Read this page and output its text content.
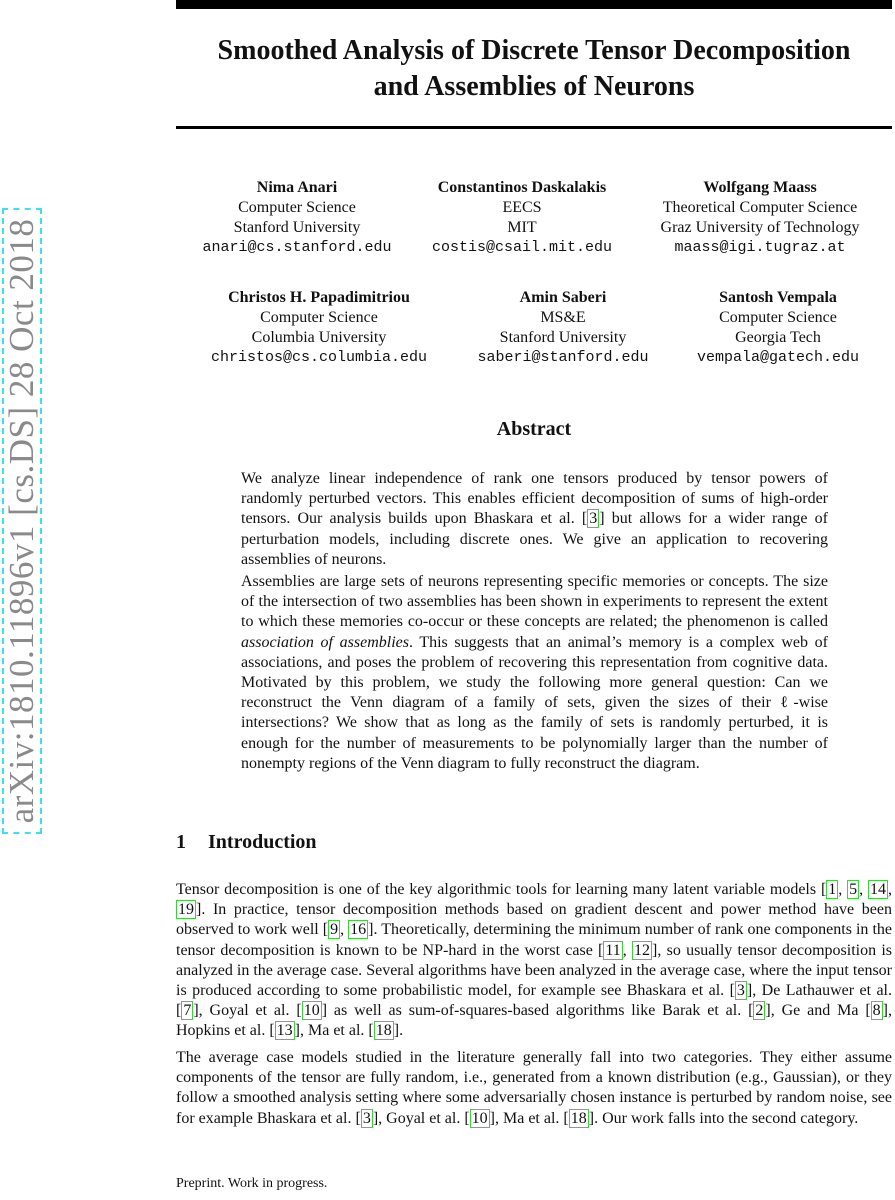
Smoothed Analysis of Discrete Tensor Decomposition
and Assemblies of Neurons
arXiv:1810.11896v1 [cs.DS] 28 Oct 2018
Nima Anari
Computer Science
Stanford University
anari@cs.stanford.edu
Constantinos Daskalakis
EECS
MIT
costis@csail.mit.edu
Wolfgang Maass
Theoretical Computer Science
Graz University of Technology
maass@igi.tugraz.at
Christos H. Papadimitriou
Computer Science
Columbia University
christos@cs.columbia.edu
Amin Saberi
MS&E
Stanford University
saberi@stanford.edu
Santosh Vempala
Computer Science
Georgia Tech
vempala@gatech.edu
Abstract

We analyze linear independence of rank one tensors produced by tensor powers of randomly perturbed vectors. This enables efficient decomposition of sums of high-order tensors. Our analysis builds upon Bhaskara et al. [ 3 ] but allows for a wider range of perturbation models, including discrete ones. We give an application to recovering assemblies of neurons.

Assemblies are large sets of neurons representing specific memories or concepts. The size of the intersection of two assemblies has been shown in experiments to represent the extent to which these memories co-occur or these concepts are related; the phenomenon is called association of assemblies. This suggests that an animal’s memory is a complex web of associations, and poses the problem of recovering this representation from cognitive data. Motivated by this problem, we study the following more general question: Can we reconstruct the Venn diagram of a family of sets, given the sizes of their ℓ-wise intersections? We show that as long as the family of sets is randomly perturbed, it is enough for the number of measurements to be polynomially larger than the number of nonempty regions of the Venn diagram to fully reconstruct the diagram.

1 Introduction

Tensor decomposition is one of the key algorithmic tools for learning many latent variable models [ 1 , 5 , 14 , 19 ]. In practice, tensor decomposition methods based on gradient descent and power method have been observed to work well [ 9 , 16 ]. Theoretically, determining the minimum number of rank one components in the tensor decomposition is known to be NP-hard in the worst case [ 11 , 12 ], so usually tensor decomposition is analyzed in the average case. Several algorithms have been analyzed in the average case, where the input tensor is produced according to some probabilistic model, for example see Bhaskara et al. [ 3 ], De Lathauwer et al. [ 7 ], Goyal et al. [ 10 ] as well as sum-of-squares-based algorithms like Barak et al. [ 2 ], Ge and Ma [ 8 ], Hopkins et al. [ 13 ], Ma et al. [ 18 ].

The average case models studied in the literature generally fall into two categories. They either assume components of the tensor are fully random, i.e., generated from a known distribution (e.g., Gaussian), or they follow a smoothed analysis setting where some adversarially chosen instance is perturbed by random noise, see for example Bhaskara et al. [ 3 ], Goyal et al. [ 10 ], Ma et al. [ 18 ]. Our work falls into the second category.

Preprint. Work in progress.
